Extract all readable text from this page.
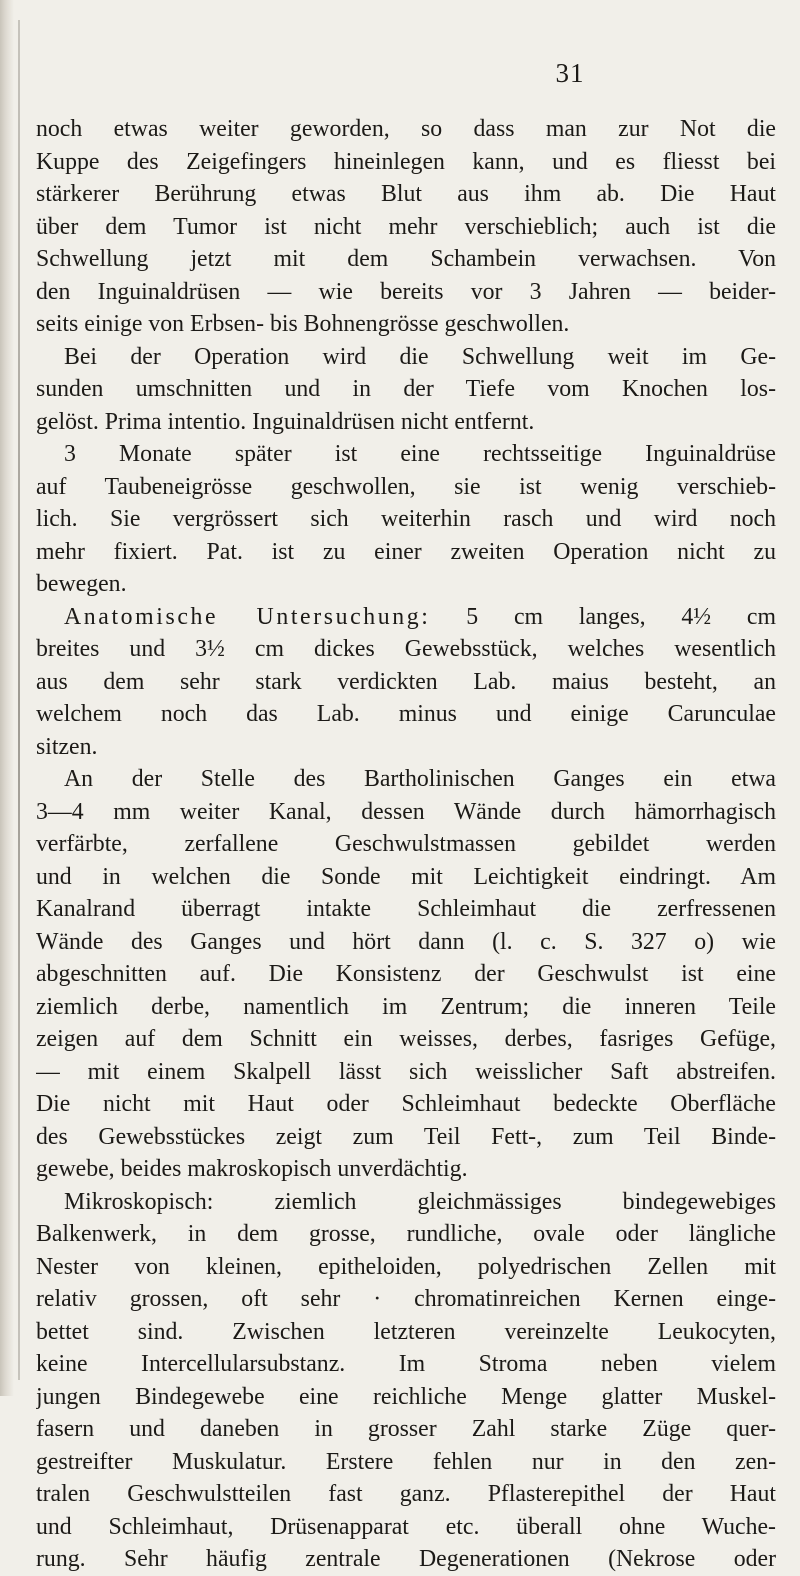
31
noch etwas weiter geworden, so dass man zur Not die
Kuppe des Zeigefingers hineinlegen kann, und es fliesst bei
stärkerer Berührung etwas Blut aus ihm ab. Die Haut
über dem Tumor ist nicht mehr verschieblich; auch ist die
Schwellung jetzt mit dem Schambein verwachsen. Von
den Inguinaldrüsen — wie bereits vor 3 Jahren — beider-
seits einige von Erbsen- bis Bohnengrösse geschwollen.
Bei der Operation wird die Schwellung weit im Ge-
sunden umschnitten und in der Tiefe vom Knochen los-
gelöst. Prima intentio. Inguinaldrüsen nicht entfernt.
3 Monate später ist eine rechtsseitige Inguinaldrüse
auf Taubeneigrösse geschwollen, sie ist wenig verschieb-
lich. Sie vergrössert sich weiterhin rasch und wird noch
mehr fixiert. Pat. ist zu einer zweiten Operation nicht zu
bewegen.
Anatomische Untersuchung: 5 cm langes, 4½ cm
breites und 3½ cm dickes Gewebsstück, welches wesentlich
aus dem sehr stark verdickten Lab. maius besteht, an
welchem noch das Lab. minus und einige Carunculae
sitzen.
An der Stelle des Bartholinischen Ganges ein etwa
3—4 mm weiter Kanal, dessen Wände durch hämorrhagisch
verfärbte, zerfallene Geschwulstmassen gebildet werden
und in welchen die Sonde mit Leichtigkeit eindringt. Am
Kanalrand überragt intakte Schleimhaut die zerfressenen
Wände des Ganges und hört dann (l. c. S. 327 o) wie
abgeschnitten auf. Die Konsistenz der Geschwulst ist eine
ziemlich derbe, namentlich im Zentrum; die inneren Teile
zeigen auf dem Schnitt ein weisses, derbes, fasriges Gefüge,
— mit einem Skalpell lässt sich weisslicher Saft abstreifen.
Die nicht mit Haut oder Schleimhaut bedeckte Oberfläche
des Gewebsstückes zeigt zum Teil Fett-, zum Teil Binde-
gewebe, beides makroskopisch unverdächtig.
Mikroskopisch: ziemlich gleichmässiges bindegewebiges
Balkenwerk, in dem grosse, rundliche, ovale oder längliche
Nester von kleinen, epitheloiden, polyedrischen Zellen mit
relativ grossen, oft sehr · chromatinreichen Kernen einge-
bettet sind. Zwischen letzteren vereinzelte Leukocyten,
keine Intercellularsubstanz. Im Stroma neben vielem
jungen Bindegewebe eine reichliche Menge glatter Muskel-
fasern und daneben in grosser Zahl starke Züge quer-
gestreifter Muskulatur. Erstere fehlen nur in den zen-
tralen Geschwulstteilen fast ganz. Pflasterepithel der Haut
und Schleimhaut, Drüsenapparat etc. überall ohne Wuche-
rung. Sehr häufig zentrale Degenerationen (Nekrose oder
